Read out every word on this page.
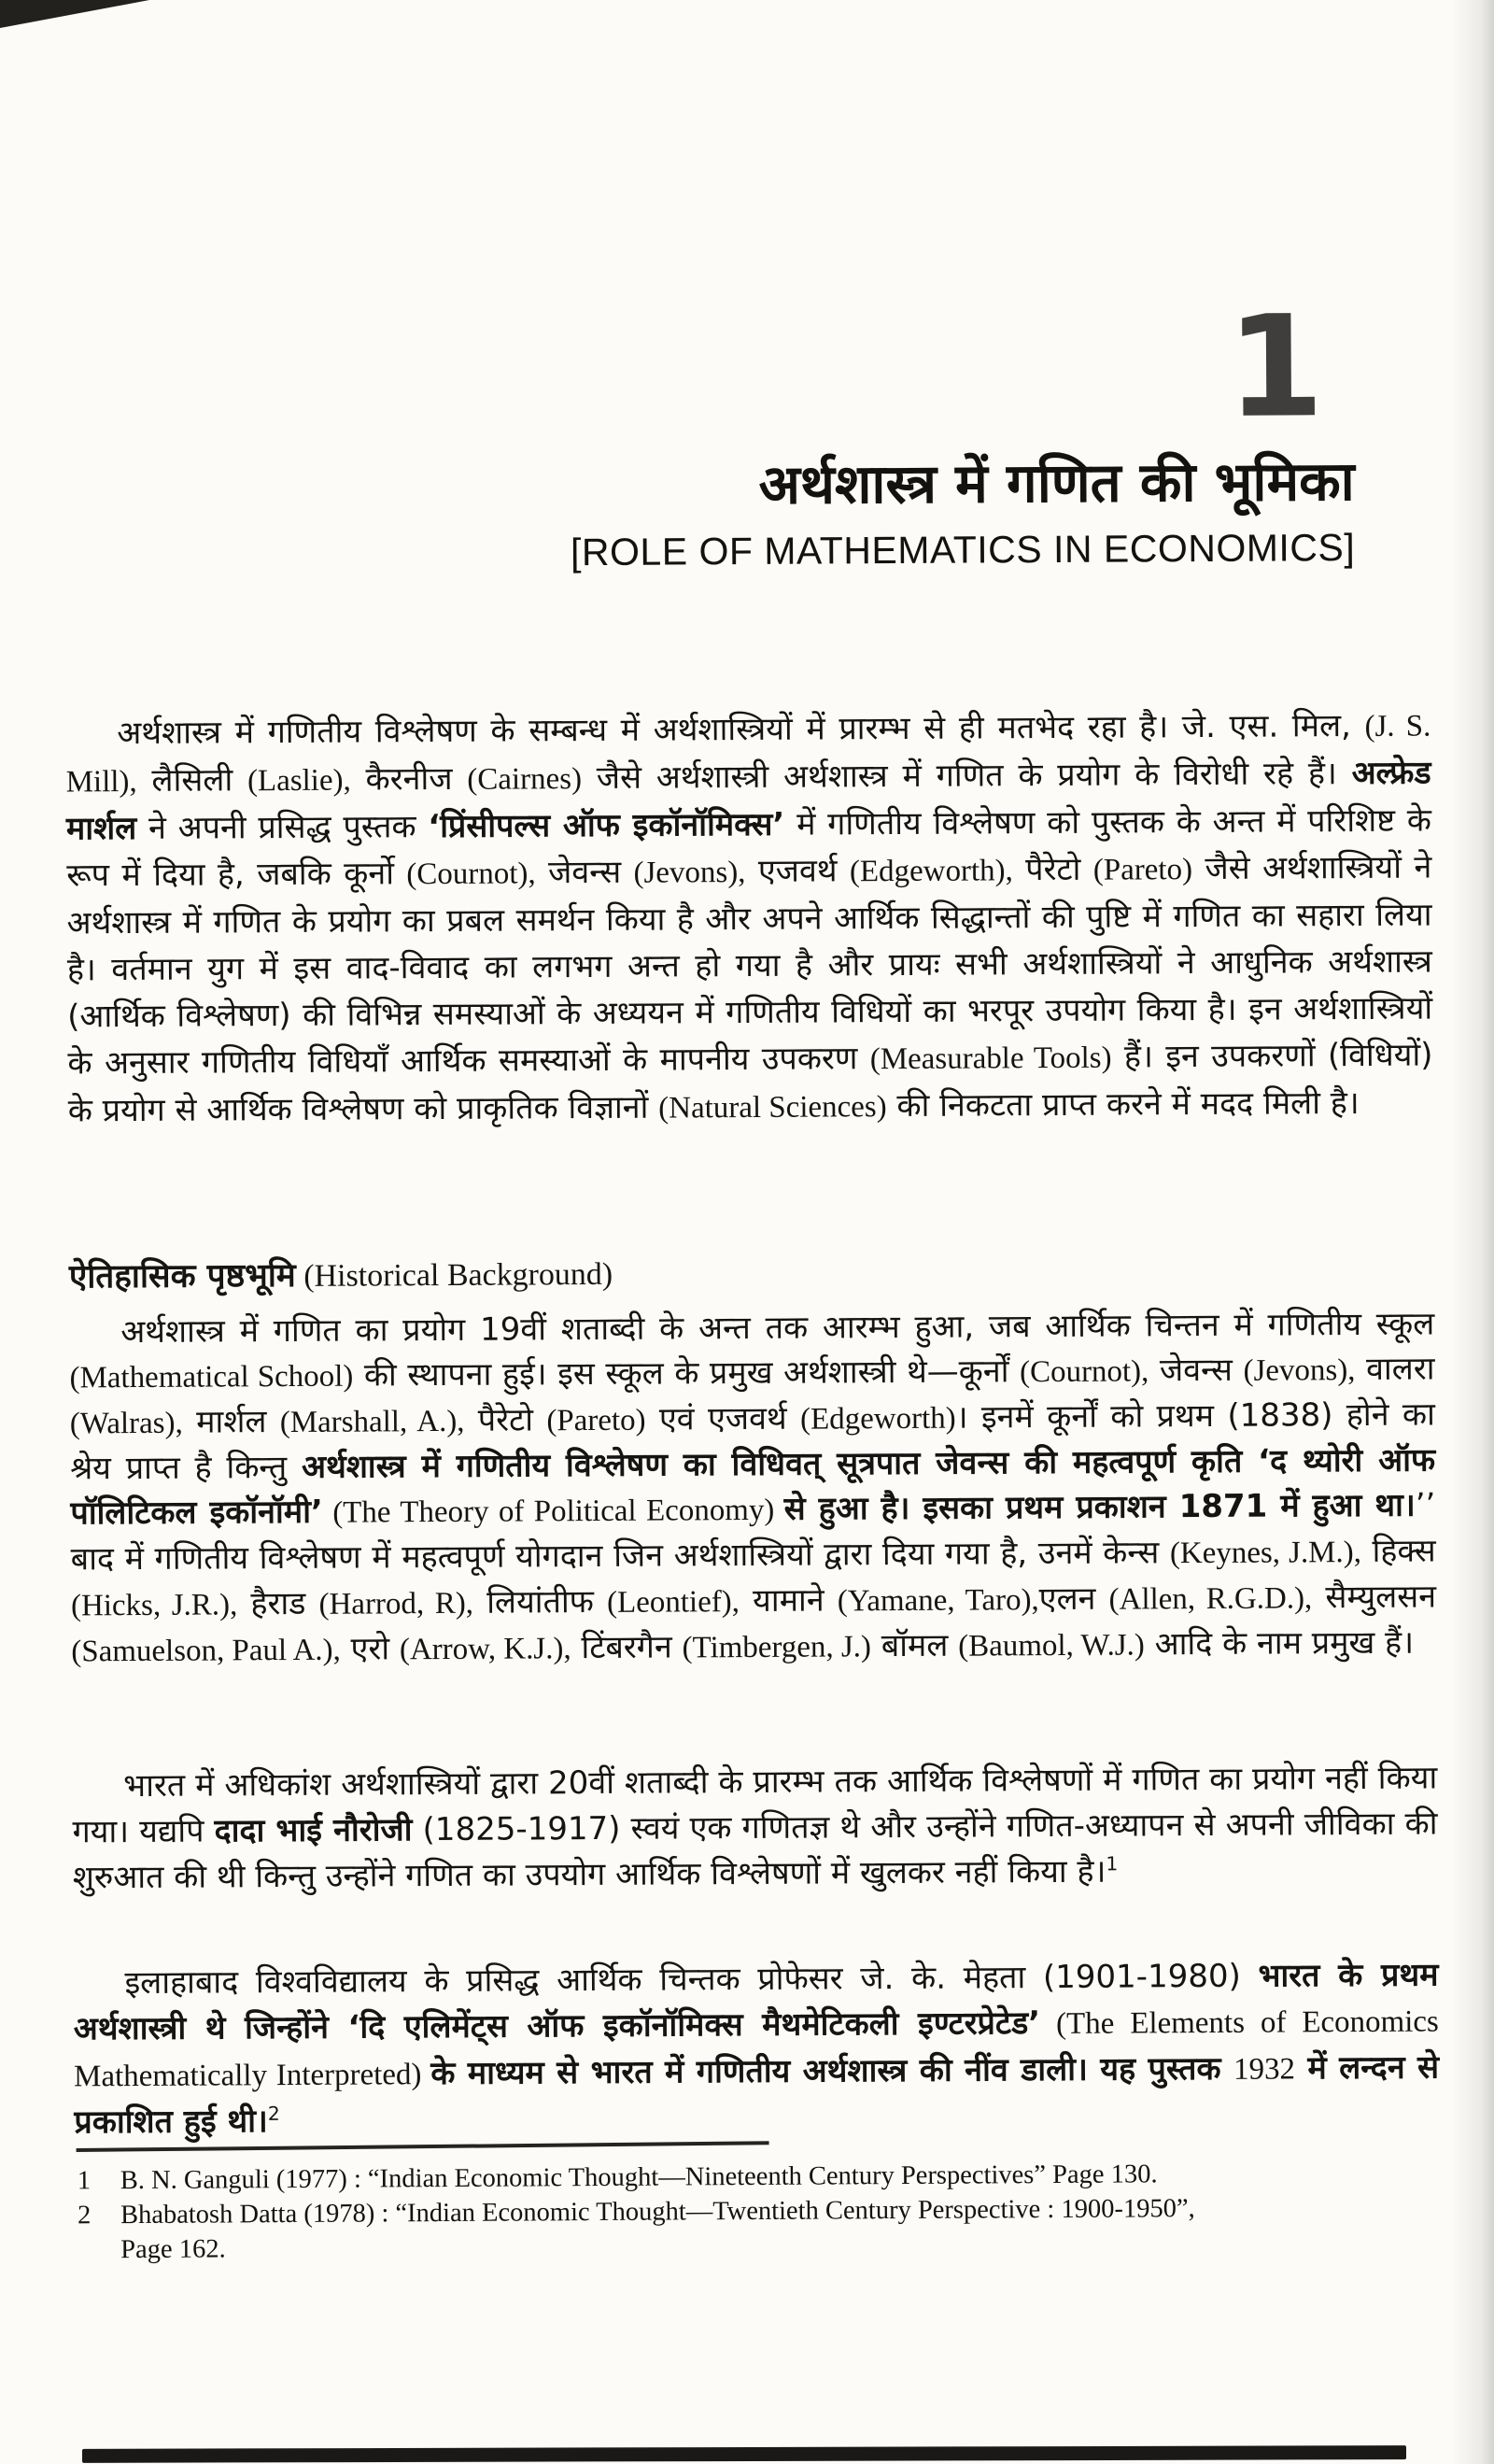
1
अर्थशास्त्र में गणित की भूमिका
[ROLE OF MATHEMATICS IN ECONOMICS]

अर्थशास्त्र में गणितीय विश्लेषण के सम्बन्ध में अर्थशास्त्रियों में प्रारम्भ से ही मतभेद रहा है। जे. एस. मिल, (J. S. Mill), लैसिली (Laslie), कैरनीज (Cairnes) जैसे अर्थशास्त्री अर्थशास्त्र में गणित के प्रयोग के विरोधी रहे हैं। अल्फ्रेड मार्शल ने अपनी प्रसिद्ध पुस्तक ‘प्रिंसीपल्स ऑफ इकॉनॉमिक्स’ में गणितीय विश्लेषण को पुस्तक के अन्त में परिशिष्ट के रूप में दिया है, जबकि कूर्नो (Cournot), जेवन्स (Jevons), एजवर्थ (Edgeworth), पैरेटो (Pareto) जैसे अर्थशास्त्रियों ने अर्थशास्त्र में गणित के प्रयोग का प्रबल समर्थन किया है और अपने आर्थिक सिद्धान्तों की पुष्टि में गणित का सहारा लिया है। वर्तमान युग में इस वाद-विवाद का लगभग अन्त हो गया है और प्रायः सभी अर्थशास्त्रियों ने आधुनिक अर्थशास्त्र (आर्थिक विश्लेषण) की विभिन्न समस्याओं के अध्ययन में गणितीय विधियों का भरपूर उपयोग किया है। इन अर्थशास्त्रियों के अनुसार गणितीय विधियाँ आर्थिक समस्याओं के मापनीय उपकरण (Measurable Tools) हैं। इन उपकरणों (विधियों) के प्रयोग से आर्थिक विश्लेषण को प्राकृतिक विज्ञानों (Natural Sciences) की निकटता प्राप्त करने में मदद मिली है।

ऐतिहासिक पृष्ठभूमि (Historical Background)

अर्थशास्त्र में गणित का प्रयोग 19वीं शताब्दी के अन्त तक आरम्भ हुआ, जब आर्थिक चिन्तन में गणितीय स्कूल (Mathematical School) की स्थापना हुई। इस स्कूल के प्रमुख अर्थशास्त्री थे—कूर्नों (Cournot), जेवन्स (Jevons), वालरा (Walras), मार्शल (Marshall, A.), पैरेटो (Pareto) एवं एजवर्थ (Edgeworth)। इनमें कूर्नों को प्रथम (1838) होने का श्रेय प्राप्त है किन्तु अर्थशास्त्र में गणितीय विश्लेषण का विधिवत् सूत्रपात जेवन्स की महत्वपूर्ण कृति ‘द थ्योरी ऑफ पॉलिटिकल इकॉनॉमी’ (The Theory of Political Economy) से हुआ है। इसका प्रथम प्रकाशन 1871 में हुआ था।’’ बाद में गणितीय विश्लेषण में महत्वपूर्ण योगदान जिन अर्थशास्त्रियों द्वारा दिया गया है, उनमें केन्स (Keynes, J.M.), हिक्स (Hicks, J.R.), हैराड (Harrod, R), लियांतीफ (Leontief), यामाने (Yamane, Taro),एलन (Allen, R.G.D.), सैम्युलसन (Samuelson, Paul A.), एरो (Arrow, K.J.), टिंबरगैन (Timbergen, J.) बॉमल (Baumol, W.J.) आदि के नाम प्रमुख हैं।

भारत में अधिकांश अर्थशास्त्रियों द्वारा 20वीं शताब्दी के प्रारम्भ तक आर्थिक विश्लेषणों में गणित का प्रयोग नहीं किया गया। यद्यपि दादा भाई नौरोजी (1825-1917) स्वयं एक गणितज्ञ थे और उन्होंने गणित-अध्यापन से अपनी जीविका की शुरुआत की थी किन्तु उन्होंने गणित का उपयोग आर्थिक विश्लेषणों में खुलकर नहीं किया है।$^1$

इलाहाबाद विश्वविद्यालय के प्रसिद्ध आर्थिक चिन्तक प्रोफेसर जे. के. मेहता (1901-1980) भारत के प्रथम अर्थशास्त्री थे जिन्होंने ‘दि एलिमेंट्स ऑफ इकॉनॉमिक्स मैथमेटिकली इण्टरप्रेटेड’ (The Elements of Economics Mathematically Interpreted) के माध्यम से भारत में गणितीय अर्थशास्त्र की नींव डाली। यह पुस्तक 1932 में लन्दन से प्रकाशित हुई थी।$^2$

1	B. N. Ganguli (1977) : “Indian Economic Thought—Nineteenth Century Perspectives” Page 130.
2	Bhabatosh Datta (1978) : “Indian Economic Thought—Twentieth Century Perspective : 1900-1950”,
Page 162.
